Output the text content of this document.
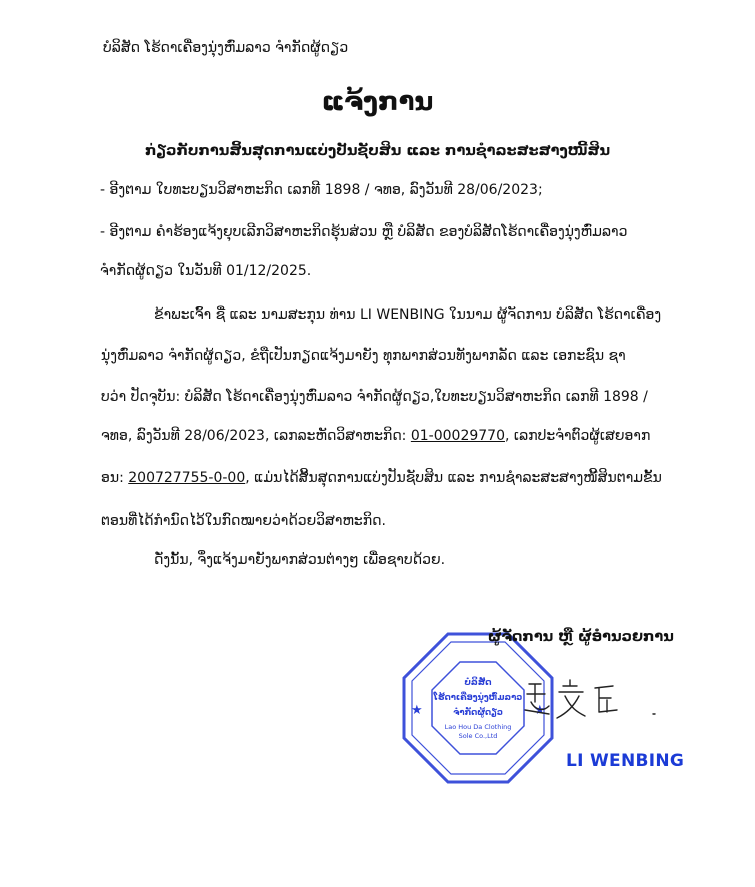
ບໍລິສັດ ໂຮ້ດາເຄື່ອງນຸ່ງຫົ່ມລາວ ຈຳກັດຜູ້ດຽວ
ແຈ້ງການ
ກ່ຽວກັບການສິ້ນສຸດການແບ່ງປັນຊັບສິນ ແລະ ການຊຳລະສະສາງໜີ້ສິນ
- ອີງຕາມ ໃບທະບຽນວິສາຫະກິດ ເລກທີ 1898 / ຈທອ, ລົງວັນທີ 28/06/2023;
- ອີງຕາມ ຄຳຮ້ອງແຈ້ງຍຸບເລີກວິສາຫະກິດຮຸ້ນສ່ວນ ຫຼື ບໍລິສັດ ຂອງບໍລິສັດໂຮ້ດາເຄື່ອງນຸ່ງຫົ່ມລາວ
ຈຳກັດຜູ້ດຽວ ໃນວັນທີ 01/12/2025.
ຂ້າພະເຈົ້າ ຊື່ ແລະ ນາມສະກຸນ ທ່ານ LI WENBING ໃນນາມ ຜູ້ຈັດການ ບໍລິສັດ ໂຮ້ດາເຄື່ອງ
ນຸ່ງຫົ່ມລາວ ຈຳກັດຜູ້ດຽວ, ຂໍຖືເປັນກຽດແຈ້ງມາຍັງ ທຸກພາກສ່ວນທັງພາກລັດ ແລະ ເອກະຊົນ ຊາ
ບວ່າ ປັດຈຸບັນ: ບໍລິສັດ ໂຮ້ດາເຄື່ອງນຸ່ງຫົ່ມລາວ ຈຳກັດຜູ້ດຽວ,ໃບທະບຽນວິສາຫະກິດ ເລກທີ 1898 /
ຈທອ, ລົງວັນທີ 28/06/2023, ເລກລະຫັດວິສາຫະກິດ: 01-00029770, ເລກປະຈຳຕົວຜູ້ເສຍອາກ
ອນ: 200727755-0-00, ແມ່ນໄດ້ສິ້ນສຸດການແບ່ງປັນຊັບສິນ ແລະ ການຊຳລະສະສາງໜີ້ສິນຕາມຂັ້ນ
ຕອນທີ່ໄດ້ກຳນົດໄວ້ໃນກົດໝາຍວ່າດ້ວຍວິສາຫະກິດ.
ດັ່ງນັ້ນ, ຈຶ່ງແຈ້ງມາຍັງພາກສ່ວນຕ່າງໆ ເພື່ອຊາບດ້ວຍ.
★	★
ບໍລິສັດ
ໂຮ້ດາເຄື່ອງນຸ່ງຫົ່ມລາວ
ຈຳກັດຜູ້ດຽວ
Lao Hou Da Clothing
Sole Co.,Ltd
ຜູ້ຈັດການ ຫຼື ຜູ້ອຳນວຍການ
LI WENBING
